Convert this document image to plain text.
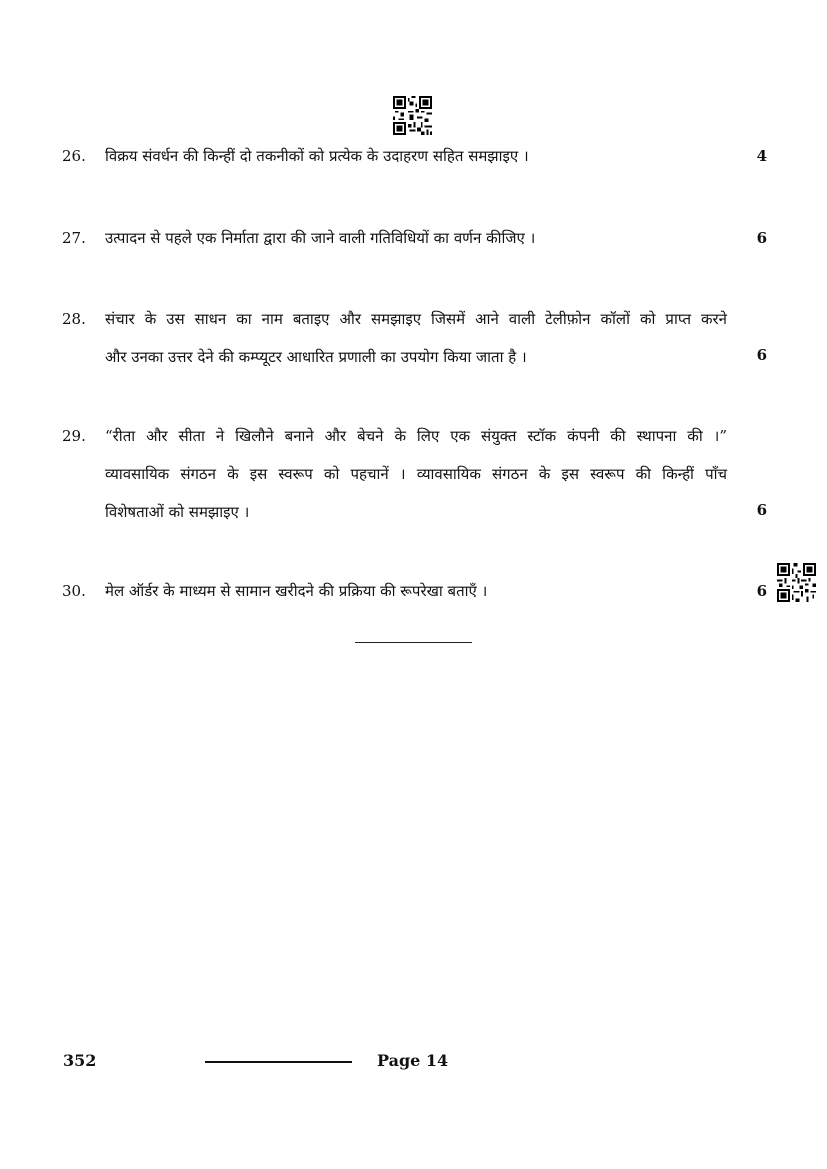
26.	विक्रय संवर्धन की किन्हीं दो तकनीकों को प्रत्येक के उदाहरण सहित समझाइए ।	4
27.	उत्पादन से पहले एक निर्माता द्वारा की जाने वाली गतिविधियों का वर्णन कीजिए ।	6
28.	संचार के उस साधन का नाम बताइए और समझाइए जिसमें आने वाली टेलीफ़ोन कॉलों को प्राप्त करने
और उनका उत्तर देने की कम्प्यूटर आधारित प्रणाली का उपयोग किया जाता है ।	6
29.	“रीता और सीता ने खिलौने बनाने और बेचने के लिए एक संयुक्त स्टॉक कंपनी की स्थापना की ।”
व्यावसायिक संगठन के इस स्वरूप को पहचानें । व्यावसायिक संगठन के इस स्वरूप की किन्हीं पाँच
विशेषताओं को समझाइए ।	6
30.	मेल ऑर्डर के माध्यम से सामान खरीदने की प्रक्रिया की रूपरेखा बताएँ ।	6
352	Page 14
